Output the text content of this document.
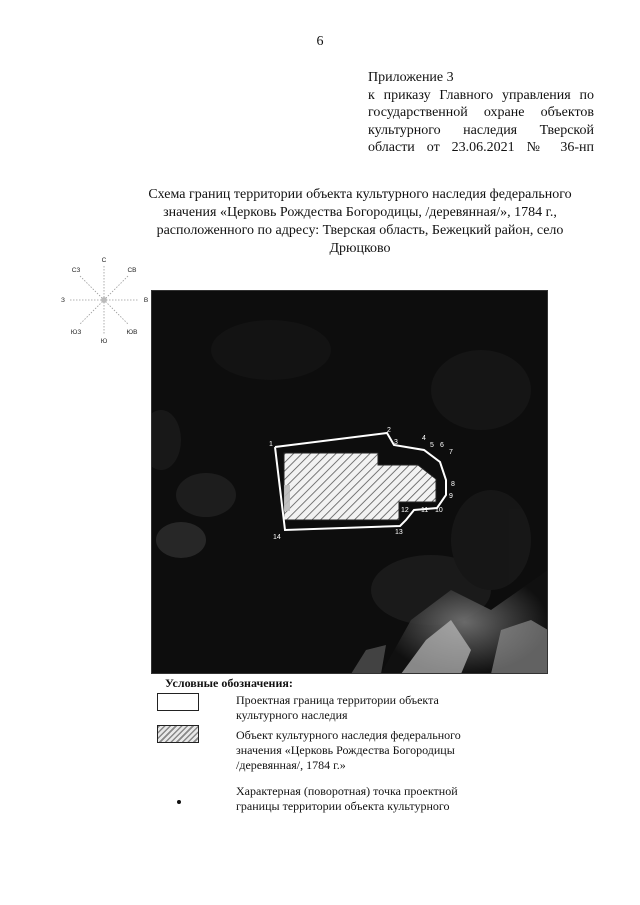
6
Приложение 3
к приказу Главного управления по
государственной охране объектов
культурного наследия Тверской
области от 23.06.2021 № 36-нп
Схема границ территории объекта культурного наследия федерального
значения «Церковь Рождества Богородицы, /деревянная/», 1784 г.,
расположенного по адресу: Тверская область, Бежецкий район, село
Дрюцково
С
Ю
З	В
СЗ	СВ
ЮЗ	ЮВ
1
2
3
4
5 6
7
8
9
10
11
12
13
14
Условные обозначения:
Проектная граница территории объекта
культурного наследия
Объект культурного наследия федерального
значения «Церковь Рождества Богородицы
/деревянная/, 1784 г.»
Характерная (поворотная) точка проектной
границы территории объекта культурного
